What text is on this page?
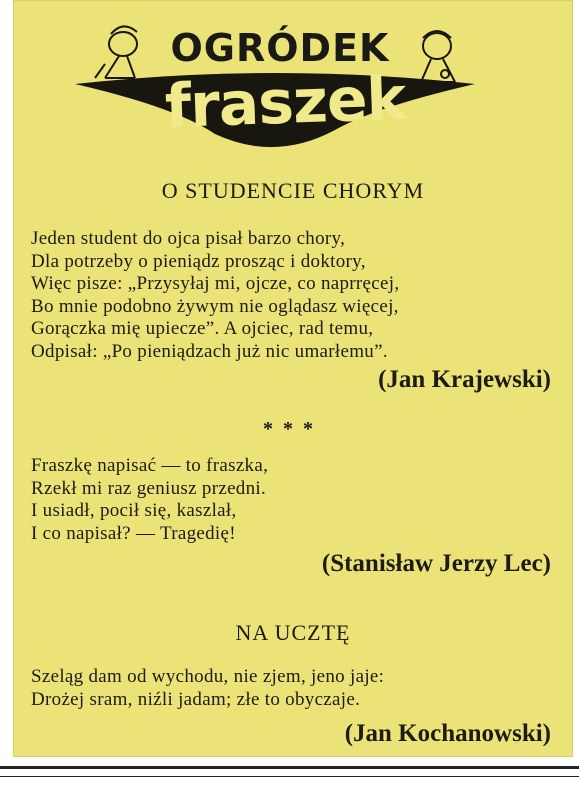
OGRÓDEK
fraszek
O STUDENCIE CHORYM
Jeden student do ojca pisał barzo chory,
Dla potrzeby o pieniądz prosząc i doktory,
Więc pisze: „Przysyłaj mi, ojcze, co naprręcej,
Bo mnie podobno żywym nie oglądasz więcej,
Gorączka mię upiecze”. A ojciec, rad temu,
Odpisał: „Po pieniądzach już nic umarłemu”.
(Jan Krajewski)
***
Fraszkę napisać — to fraszka,
Rzekł mi raz geniusz przedni.
I usiadł, pocił się, kaszlał,
I co napisał? — Tragedię!
(Stanisław Jerzy Lec)
NA UCZTĘ
Szeląg dam od wychodu, nie zjem, jeno jaje:
Drożej sram, niźli jadam; złe to obyczaje.
(Jan Kochanowski)
